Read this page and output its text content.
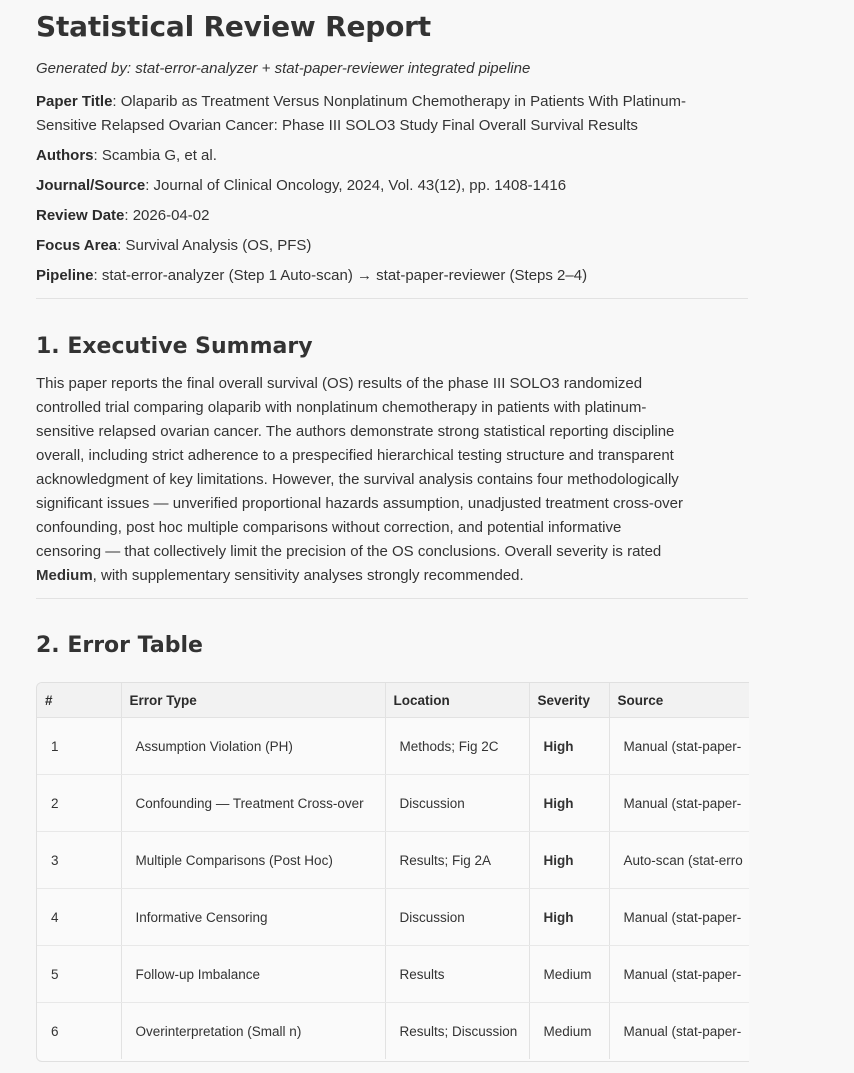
Statistical Review Report
Generated by: stat-error-analyzer + stat-paper-reviewer integrated pipeline
Paper Title: Olaparib as Treatment Versus Nonplatinum Chemotherapy in Patients With Platinum-
Sensitive Relapsed Ovarian Cancer: Phase III SOLO3 Study Final Overall Survival Results
Authors: Scambia G, et al.
Journal/Source: Journal of Clinical Oncology, 2024, Vol. 43(12), pp. 1408-1416
Review Date: 2026-04-02
Focus Area: Survival Analysis (OS, PFS)
Pipeline: stat-error-analyzer (Step 1 Auto-scan) → stat-paper-reviewer (Steps 2–4)
1. Executive Summary
This paper reports the final overall survival (OS) results of the phase III SOLO3 randomized
controlled trial comparing olaparib with nonplatinum chemotherapy in patients with platinum-
sensitive relapsed ovarian cancer. The authors demonstrate strong statistical reporting discipline
overall, including strict adherence to a prespecified hierarchical testing structure and transparent
acknowledgment of key limitations. However, the survival analysis contains four methodologically
significant issues — unverified proportional hazards assumption, unadjusted treatment cross-over
confounding, post hoc multiple comparisons without correction, and potential informative
censoring — that collectively limit the precision of the OS conclusions. Overall severity is rated
Medium, with supplementary sensitivity analyses strongly recommended.
2. Error Table
#	Error Type	Location	Severity	Source
1	Assumption Violation (PH)	Methods; Fig 2C	High	Manual (stat-paper-
2	Confounding — Treatment Cross-over	Discussion	High	Manual (stat-paper-
3	Multiple Comparisons (Post Hoc)	Results; Fig 2A	High	Auto-scan (stat-erro
4	Informative Censoring	Discussion	High	Manual (stat-paper-
5	Follow-up Imbalance	Results	Medium	Manual (stat-paper-
6	Overinterpretation (Small n)	Results; Discussion	Medium	Manual (stat-paper-
